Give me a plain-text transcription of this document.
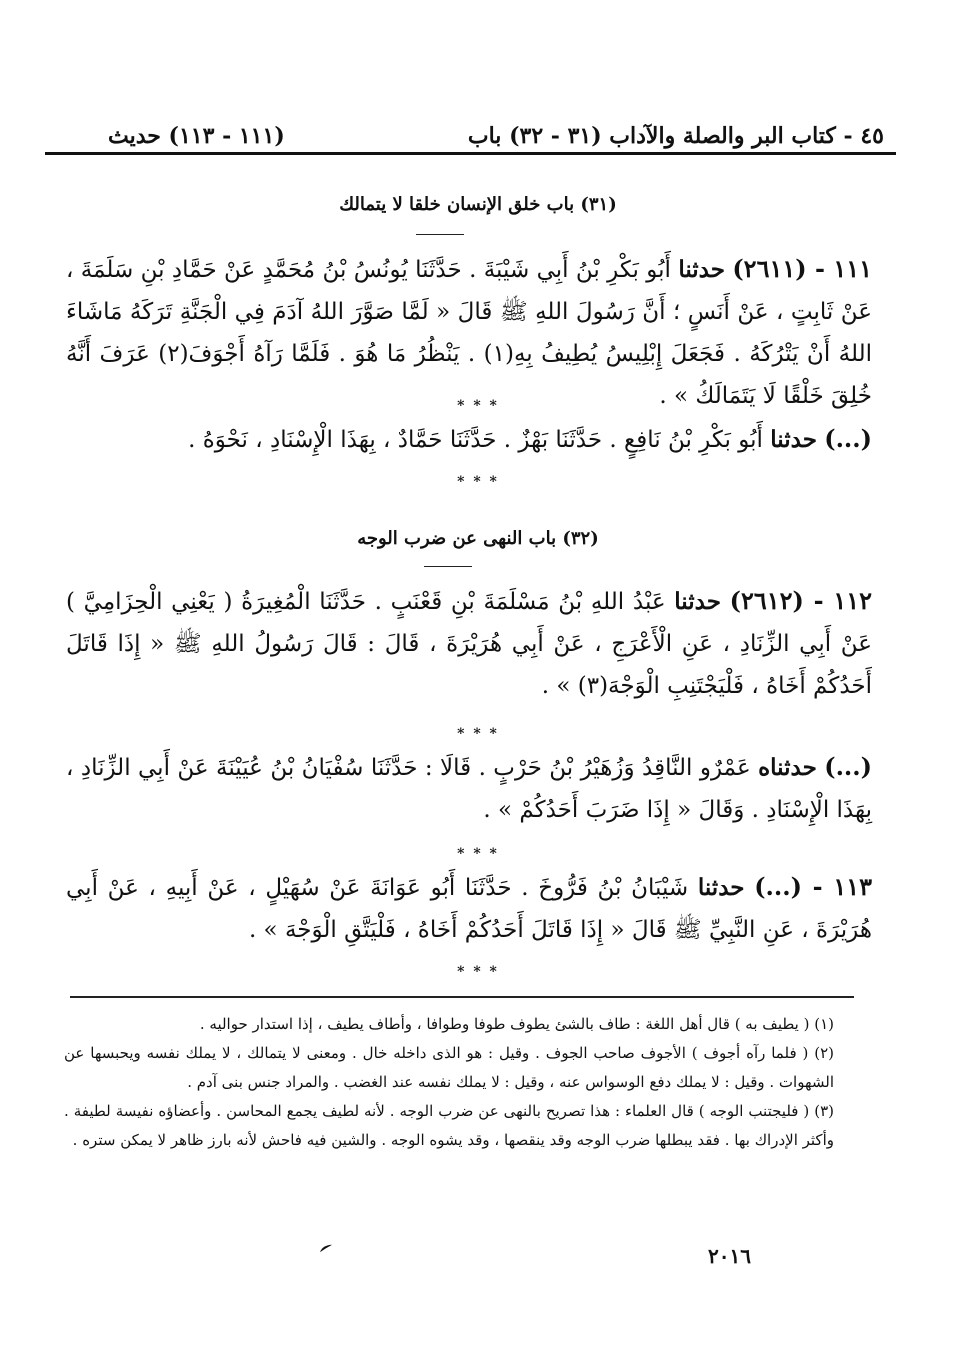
٤٥ - كتاب البر والصلة والآداب (٣١ - ٣٢) باب
(١١١ - ١١٣) حديث
(٣١) باب خلق الإنسان خلقا لا يتمالك
١١١ - (٢٦١١) حدثنا أَبُو بَكْرِ بْنُ أَبِي شَيْبَةَ . حَدَّثَنَا يُونُسُ بْنُ مُحَمَّدٍ عَنْ حَمَّادِ بْنِ سَلَمَةَ ، عَنْ ثَابِتٍ ، عَنْ أَنَسٍ ؛ أَنَّ رَسُولَ اللهِ ﷺ قَالَ « لَمَّا صَوَّرَ اللهُ آدَمَ فِي الْجَنَّةِ تَرَكَهُ مَاشَاءَ اللهُ أَنْ يَتْرُكَهُ . فَجَعَلَ إِبْلِيسُ يُطِيفُ بِهِ(١) . يَنْظُرُ مَا هُوَ . فَلَمَّا رَآهُ أَجْوَفَ(٢) عَرَفَ أَنَّهُ خُلِقَ خَلْقًا لَا يَتَمَالَكُ » .
* * *
(...) حدثنا أَبُو بَكْرِ بْنُ نَافِعٍ . حَدَّثَنَا بَهْزٌ . حَدَّثَنَا حَمَّادٌ ، بِهَذَا الْإِسْنَادِ ، نَحْوَهُ .
* * *
(٣٢) باب النهى عن ضرب الوجه
١١٢ - (٢٦١٢) حدثنا عَبْدُ اللهِ بْنُ مَسْلَمَةَ بْنِ قَعْنَبٍ . حَدَّثَنَا الْمُغِيرَةُ ( يَعْنِي الْحِزَامِيَّ ) عَنْ أَبِي الزِّنَادِ ، عَنِ الْأَعْرَجِ ، عَنْ أَبِي هُرَيْرَةَ ، قَالَ : قَالَ رَسُولُ اللهِ ﷺ « إِذَا قَاتَلَ أَحَدُكُمْ أَخَاهُ ، فَلْيَجْتَنِبِ الْوَجْهَ(٣) » .
* * *
(...) حدثناه عَمْرٌو النَّاقِدُ وَزُهَيْرُ بْنُ حَرْبٍ . قَالَا : حَدَّثَنَا سُفْيَانُ بْنُ عُيَيْنَةَ عَنْ أَبِي الزِّنَادِ ، بِهَذَا الْإِسْنَادِ . وَقَالَ « إِذَا ضَرَبَ أَحَدُكُمْ » .
* * *
١١٣ - (...) حدثنا شَيْبَانُ بْنُ فَرُّوخَ . حَدَّثَنَا أَبُو عَوَانَةَ عَنْ سُهَيْلٍ ، عَنْ أَبِيهِ ، عَنْ أَبِي هُرَيْرَةَ ، عَنِ النَّبِيِّ ﷺ قَالَ « إِذَا قَاتَلَ أَحَدُكُمْ أَخَاهُ ، فَلْيَتَّقِ الْوَجْهَ » .
* * *

(١) ( يطيف به ) قال أهل اللغة : طاف بالشئ يطوف طوفا وطوافا ، وأطاف يطيف ، إذا استدار حواليه .

(٢) ( فلما رآه أجوف ) الأجوف صاحب الجوف . وقيل : هو الذى داخله خال . ومعنى لا يتمالك ، لا يملك نفسه ويحبسها عن الشهوات . وقيل : لا يملك دفع الوسواس عنه ، وقيل : لا يملك نفسه عند الغضب . والمراد جنس بنى آدم .

(٣) ( فليجتنب الوجه ) قال العلماء : هذا تصريح بالنهى عن ضرب الوجه . لأنه لطيف يجمع المحاسن . وأعضاؤه نفيسة لطيفة . وأكثر الإدراك بها . فقد يبطلها ضرب الوجه وقد ينقصها ، وقد يشوه الوجه . والشين فيه فاحش لأنه بارز ظاهر لا يمكن ستره .

٢٠١٦
